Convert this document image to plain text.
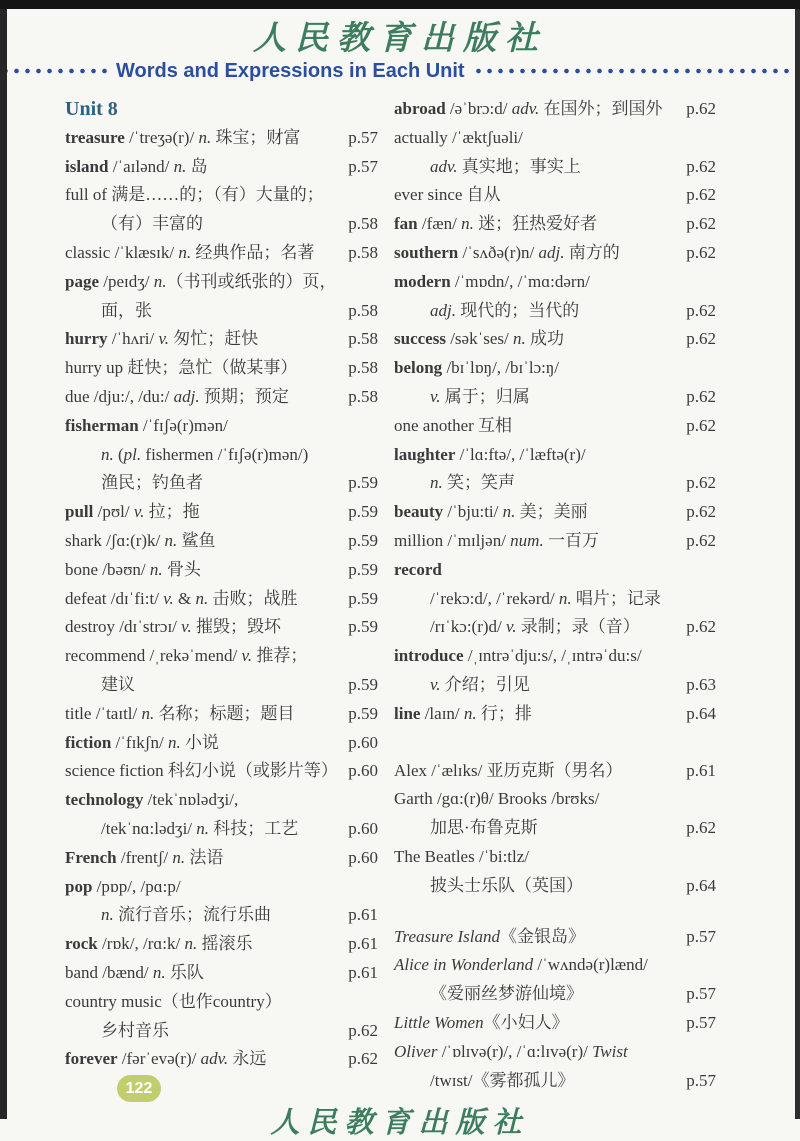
人民教育出版社
Words and Expressions in Each Unit
Unit 8
treasure /ˈtreʒə(r)/ n. 珠宝；财富	p.57
island /ˈaɪlənd/ n. 岛	p.57
full of 满是……的；（有）大量的；
（有）丰富的	p.58
classic /ˈklæsɪk/ n. 经典作品；名著 p.58
page /peɪdʒ/ n.（书刊或纸张的）页，
面，张	p.58
hurry /ˈhʌri/ v. 匆忙；赶快	p.58
hurry up 赶快；急忙（做某事）	p.58
due /dju:/, /du:/ adj. 预期；预定	p.58
fisherman /ˈfɪʃə(r)mən/
n. (pl. fishermen /ˈfɪʃə(r)mən/)
渔民；钓鱼者	p.59
pull /pʊl/ v. 拉；拖	p.59
shark /ʃɑ:(r)k/ n. 鲨鱼	p.59
bone /bəʊn/ n. 骨头	p.59
defeat /dɪˈfi:t/ v. & n. 击败；战胜	p.59
destroy /dɪˈstrɔɪ/ v. 摧毁；毁坏	p.59
recommend /ˌrekəˈmend/ v. 推荐；
建议	p.59
title /ˈtaɪtl/ n. 名称；标题；题目	p.59
fiction /ˈfɪkʃn/ n. 小说	p.60
science fiction 科幻小说（或影片等） p.60
technology /tekˈnɒlədʒi/,
/tekˈnɑ:lədʒi/ n. 科技；工艺	p.60
French /frentʃ/ n. 法语	p.60
pop /pɒp/, /pɑ:p/
n. 流行音乐；流行乐曲	p.61
rock /rɒk/, /rɑ:k/ n. 摇滚乐	p.61
band /bænd/ n. 乐队	p.61
country music（也作country）
乡村音乐	p.62
forever /fərˈevə(r)/ adv. 永远	p.62
abroad /əˈbrɔ:d/ adv. 在国外；到国外 p.62
actually /ˈæktʃuəli/
adv. 真实地；事实上	p.62
ever since 自从	p.62
fan /fæn/ n. 迷；狂热爱好者	p.62
southern /ˈsʌðə(r)n/ adj. 南方的	p.62
modern /ˈmɒdn/, /ˈmɑ:dərn/
adj. 现代的；当代的	p.62
success /səkˈses/ n. 成功	p.62
belong /bɪˈlɒŋ/, /bɪˈlɔ:ŋ/
v. 属于；归属	p.62
one another 互相	p.62
laughter /ˈlɑ:ftə/, /ˈlæftə(r)/
n. 笑；笑声	p.62
beauty /ˈbju:ti/ n. 美；美丽	p.62
million /ˈmɪljən/ num. 一百万	p.62
record
/ˈrekɔ:d/, /ˈrekərd/ n. 唱片；记录
/rɪˈkɔ:(r)d/ v. 录制；录（音）	p.62
introduce /ˌɪntrəˈdju:s/, /ˌɪntrəˈdu:s/
v. 介绍；引见	p.63
line /laɪn/ n. 行；排	p.64
Alex /ˈælɪks/ 亚历克斯（男名）	p.61
Garth /gɑ:(r)θ/ Brooks /brʊks/
加思·布鲁克斯	p.62
The Beatles /ˈbi:tlz/
披头士乐队（英国）	p.64
Treasure Island《金银岛》	p.57
Alice in Wonderland /ˈwʌndə(r)lænd/
《爱丽丝梦游仙境》	p.57
Little Women《小妇人》	p.57
Oliver /ˈɒlɪvə(r)/, /ˈɑ:lɪvə(r)/ Twist
/twɪst/《雾都孤儿》	p.57
122
人民教育出版社
